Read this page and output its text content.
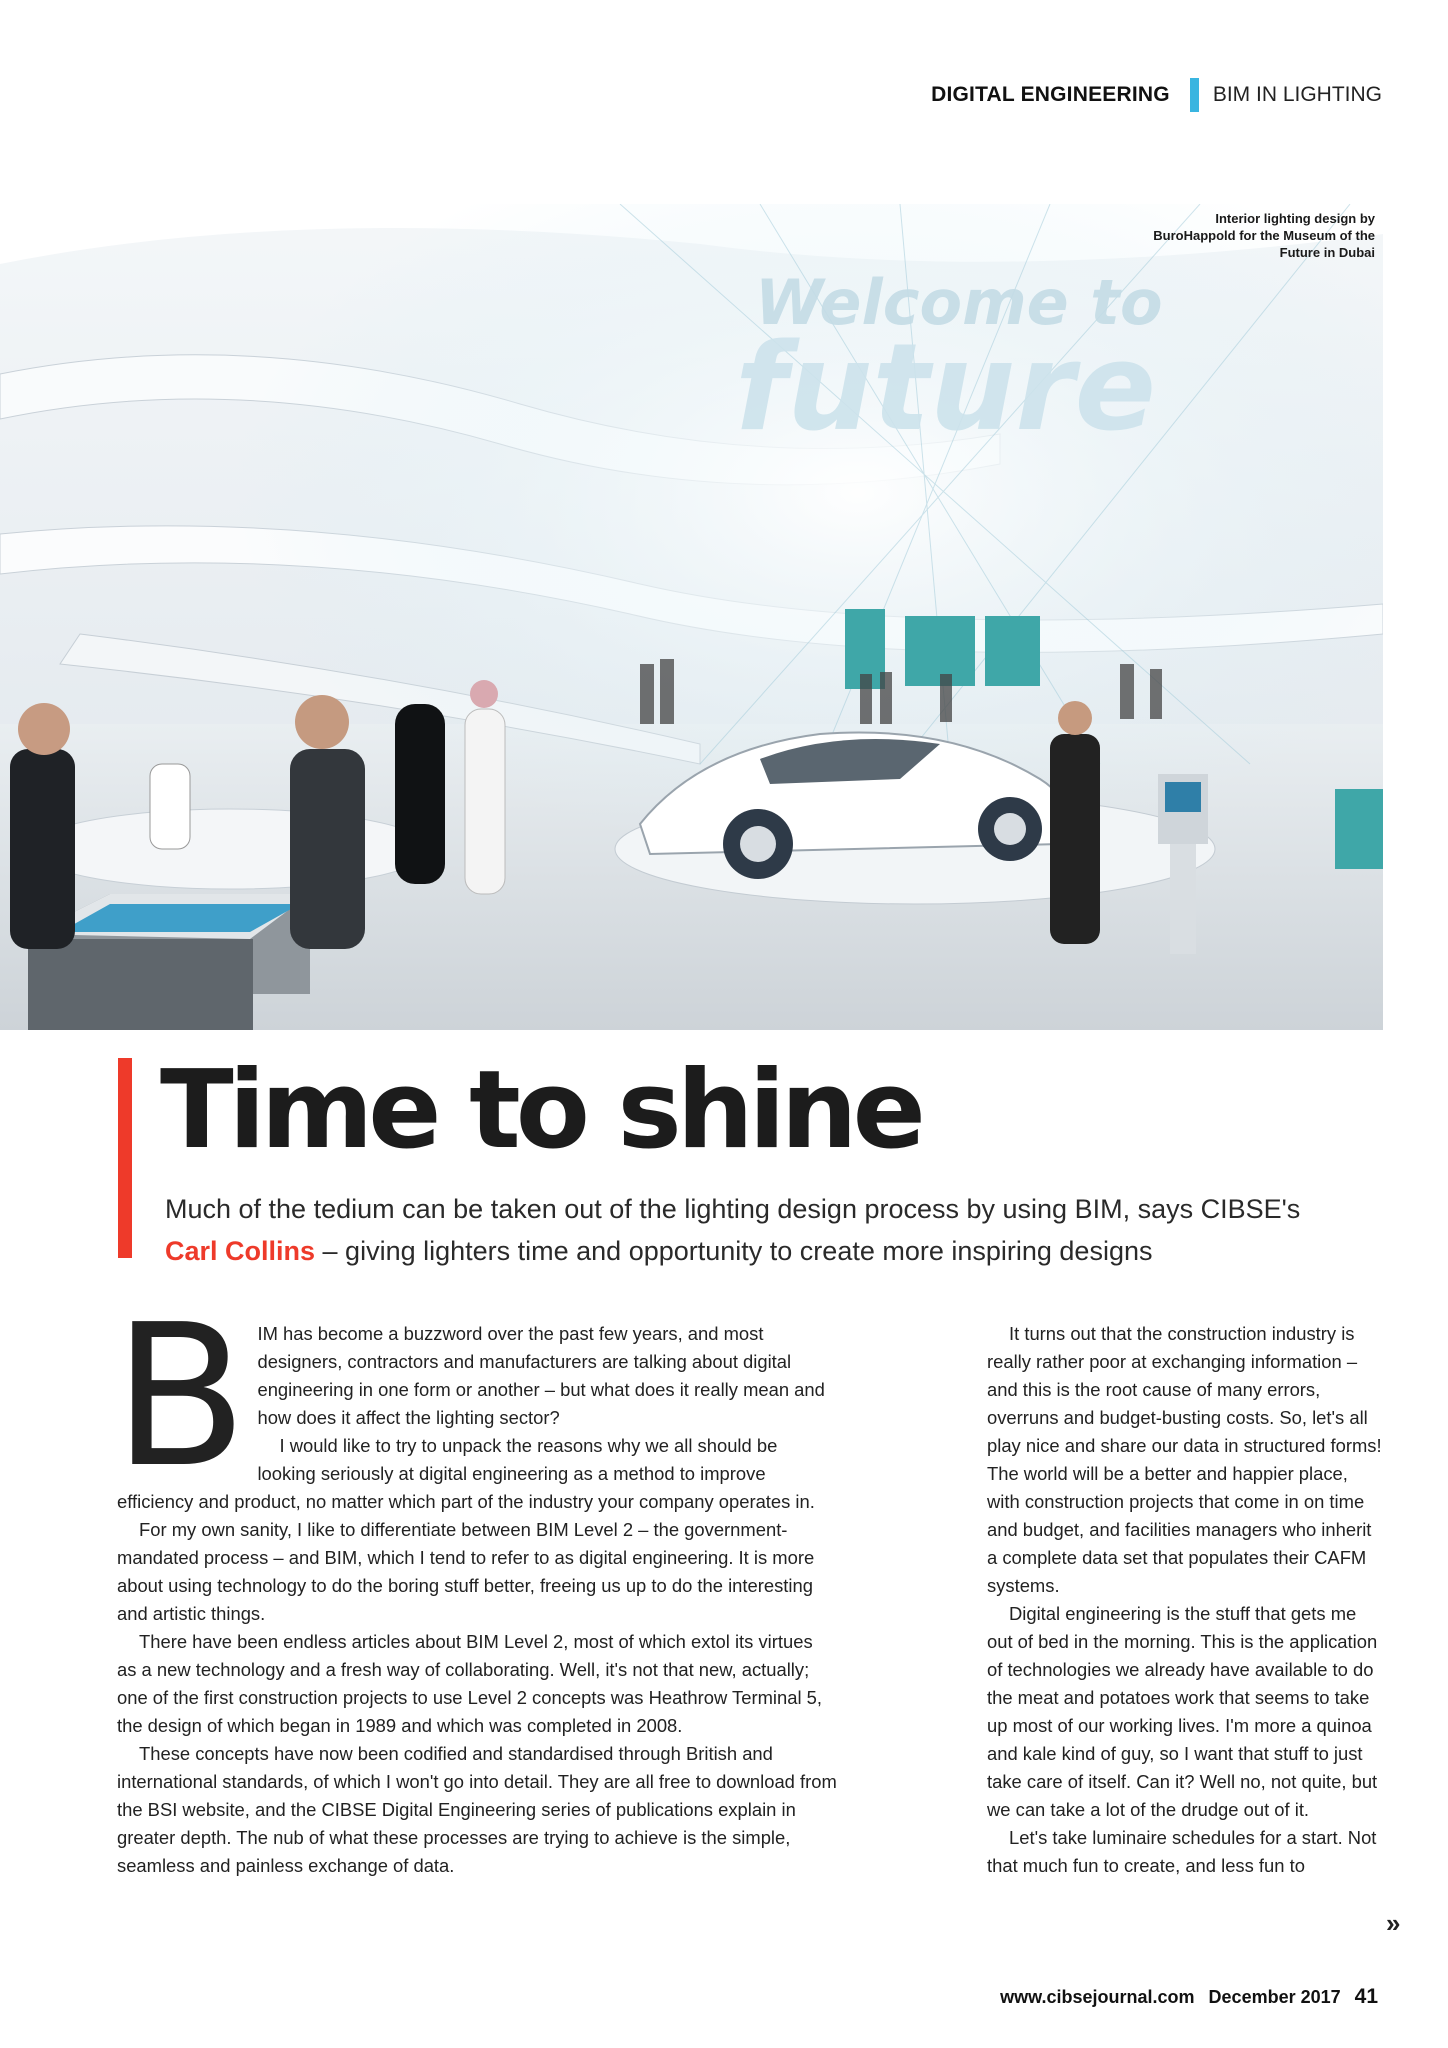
DIGITAL ENGINEERING BIM IN LIGHTING
Welcome to
future
Interior lighting design by BuroHappold for the Museum of the Future in Dubai
Time to shine

Much of the tedium can be taken out of the lighting design process by using BIM, says CIBSE's Carl Collins – giving lighters time and opportunity to create more inspiring designs

BIM has become a buzzword over the past few years, and most designers, contractors and manufacturers are talking about digital engineering in one form or another – but what does it really mean and how does it affect the lighting sector?

I would like to try to unpack the reasons why we all should be looking seriously at digital engineering as a method to improve efficiency and product, no matter which part of the industry your company operates in.

For my own sanity, I like to differentiate between BIM Level 2 – the government-mandated process – and BIM, which I tend to refer to as digital engineering. It is more about using technology to do the boring stuff better, freeing us up to do the interesting and artistic things.

There have been endless articles about BIM Level 2, most of which extol its virtues as a new technology and a fresh way of collaborating. Well, it's not that new, actually; one of the first construction projects to use Level 2 concepts was Heathrow Terminal 5, the design of which began in 1989 and which was completed in 2008.

These concepts have now been codified and standardised through British and international standards, of which I won't go into detail. They are all free to download from the BSI website, and the CIBSE Digital Engineering series of publications explain in greater depth. The nub of what these processes are trying to achieve is the simple, seamless and painless exchange of data.

It turns out that the construction industry is really rather poor at exchanging information – and this is the root cause of many errors, overruns and budget-busting costs. So, let's all play nice and share our data in structured forms! The world will be a better and happier place, with construction projects that come in on time and budget, and facilities managers who inherit a complete data set that populates their CAFM systems.

Digital engineering is the stuff that gets me out of bed in the morning. This is the application of technologies we already have available to do the meat and potatoes work that seems to take up most of our working lives. I'm more a quinoa and kale kind of guy, so I want that stuff to just take care of itself. Can it? Well no, not quite, but we can take a lot of the drudge out of it.

Let's take luminaire schedules for a start. Not that much fun to create, and less fun to

»
www.cibsejournal.com December 2017 41
